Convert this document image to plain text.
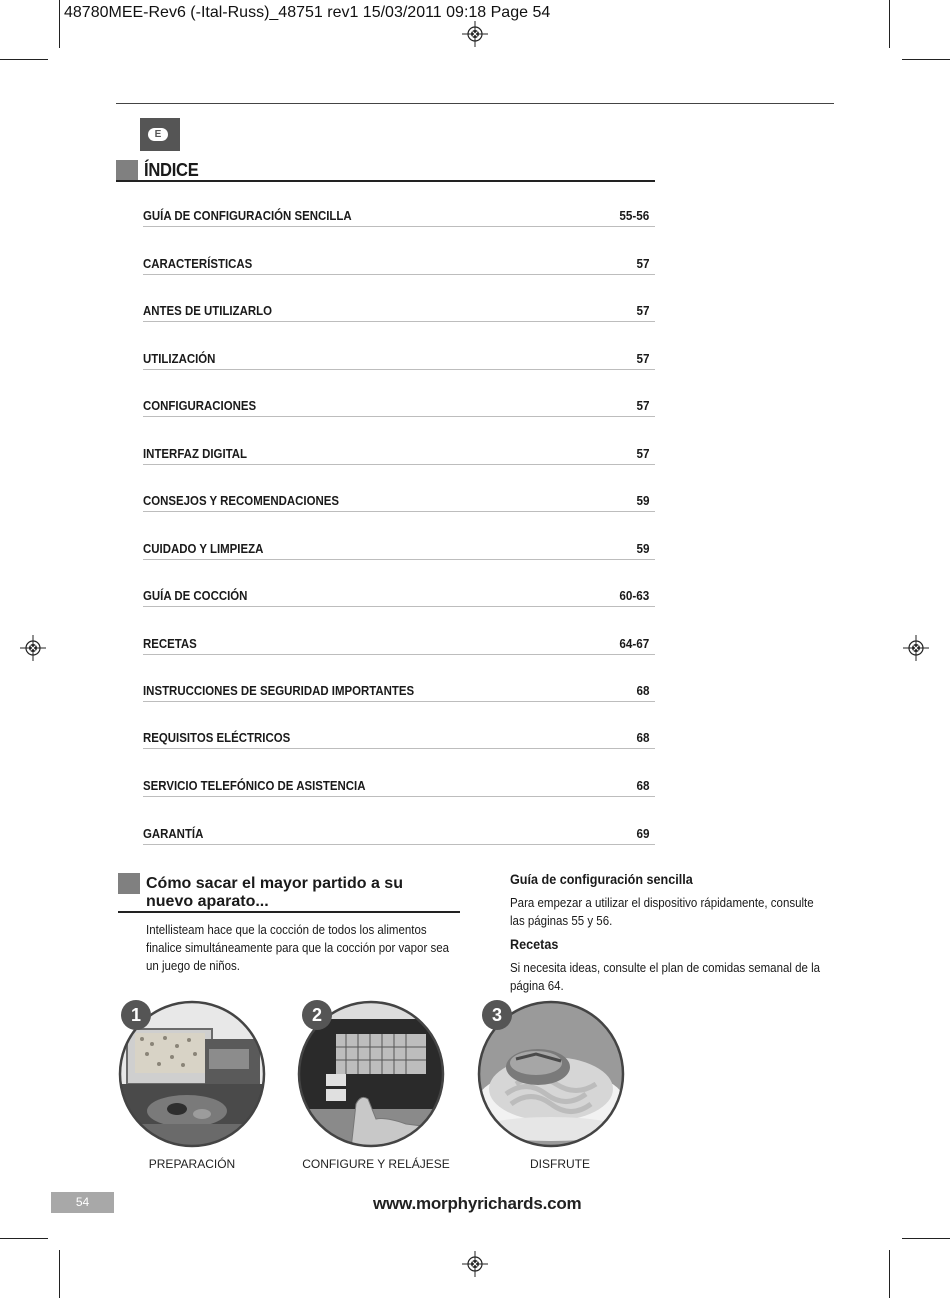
48780MEE-Rev6 (-Ital-Russ)_48751 rev1 15/03/2011 09:18 Page 54
E
ÍNDICE
GUÍA DE CONFIGURACIÓN SENCILLA	55-56
CARACTERÍSTICAS	57
ANTES DE UTILIZARLO	57
UTILIZACIÓN	57
CONFIGURACIONES	57
INTERFAZ DIGITAL	57
CONSEJOS Y RECOMENDACIONES	59
CUIDADO Y LIMPIEZA	59
GUÍA DE COCCIÓN	60-63
RECETAS	64-67
INSTRUCCIONES DE SEGURIDAD IMPORTANTES	68
REQUISITOS ELÉCTRICOS	68
SERVICIO TELEFÓNICO DE ASISTENCIA	68
GARANTÍA	69
Cómo sacar el mayor partido a su nuevo aparato...
Intellisteam hace que la cocción de todos los alimentos finalice simultáneamente para que la cocción por vapor sea un juego de niños.
Guía de configuración sencilla
Para empezar a utilizar el dispositivo rápidamente, consulte las páginas 55 y 56.
Recetas
Si necesita ideas, consulte el plan de comidas semanal de la página 64.
1
PREPARACIÓN
2
CONFIGURE Y RELÁJESE
3
DISFRUTE
54	www.morphyrichards.com
